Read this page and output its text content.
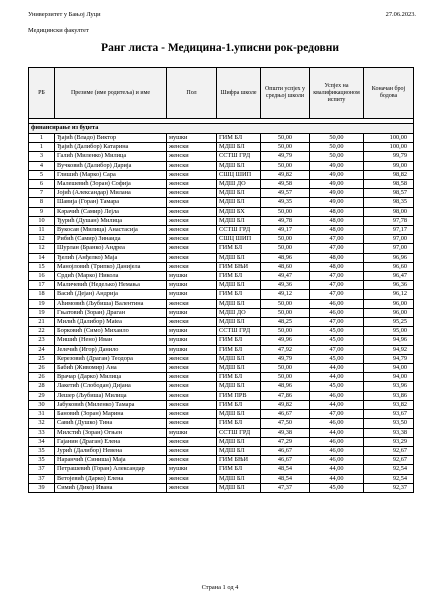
Универзитет у Бањој Луци	27.06.2023.
Медицински факултет
Ранг листа - Медицина-1.уписни рок-редовни
РБ	Презиме (име родитеља) и име	Пол	Шифра школе	Општи успјех у средњој школи	Успјех на квалификационом испиту	Коначан број бодова

финансирање из буџета						
1	Ђајић (Владо) Виктор	мушки	ГИМ БЛ	50,00	50,00	100,00
1	Ђајић (Далибор) Катарина	женски	МДШ БЛ	50,00	50,00	100,00
3	Галић (Миленко) Милица	женски	ССТШ ГРД	49,79	50,00	99,79
4	Вучковић (Далибор) Дарија	женски	МДШ БЛ	50,00	49,00	99,00
5	Глишић (Марко) Сара	женски	СШЦ ШИП	49,82	49,00	98,82
6	Малешевић (Зоран) Софија	женски	МДШ ДО	49,58	49,00	98,58
7	Јојић (Александар) Милана	женски	МДШ БЛ	49,57	49,00	98,57
8	Шавија (Горан) Тамара	женски	МДШ БЛ	49,35	49,00	98,35
9	Кәрачић (Самир) Лејла	женски	МДШ БХ	50,00	48,00	98,00
10	Ђурић (Душан) Милица	женски	МДШ БЛ	49,78	48,00	97,78
11	Вукосав (Милица) Анастасија	женски	ССТШ ГРД	49,17	48,00	97,17
12	Рибић (Самир) Зинаида	женски	СШЦ ШИП	50,00	47,00	97,00
12	Шурлан (Бранко) Андреа	женски	ГИМ БЛ	50,00	47,00	97,00
14	Ђелић (Анђелко) Маја	женски	МДШ БЛ	48,96	48,00	96,96
15	Манојловић (Трипко) Данијела	женски	ГИМ БЊИ	48,60	48,00	96,60
16	Срдић (Марко) Никола	мушки	ГИМ БЛ	49,47	47,00	96,47
17	Маличевић (Недељко) Немања	мушки	МДШ БЛ	49,36	47,00	96,36
18	Васић (Дејан) Андрија	мушки	ГИМ БЛ	49,12	47,00	96,12
19	Аћимовић (Љубиша) Валентина	женски	МДШ БЛ	50,00	46,00	96,00
19	Гњатовић (Зоран) Драган	мушки	МДШ ДО	50,00	46,00	96,00
21	Милић (Далибор) Мatea	женски	МДШ БЛ	48,25	47,00	95,25
22	Борковић (Симо) Михаило	мушки	ССТШ ГРД	50,00	45,00	95,00
23	Мишић (Нено) Иван	мушки	ГИМ БЛ	49,96	45,00	94,96
24	Јелечић (Игор) Данило	мушки	ГИМ БЛ	47,92	47,00	94,92
25	Керезовић (Драган) Теодора	женски	МДШ БЛ	49,79	45,00	94,79
26	Бабић (Живомир) Ана	женски	МДШ БЛ	50,00	44,00	94,00
26	Врачар (Дарко) Милица	женски	ГИМ БЛ	50,00	44,00	94,00
28	Лакетић (Слободан) Дијана	женски	МДШ БЛ	48,96	45,00	93,96
29	Лешер (Љубиша) Милица	женски	ГИМ ПРВ	47,86	46,00	93,86
30	Јабуковић (Миленко) Тамара	женски	ГИМ БЛ	49,82	44,00	93,82
31	Бановић (Зоран) Марина	женски	МДШ БЛ	46,67	47,00	93,67
32	Савић (Душко) Тина	женски	ГИМ БЛ	47,50	46,00	93,50
33	Милстић (Зоран) Огњен	мушки	ССТШ ГРД	49,38	44,00	93,38
34	Гајанин (Драган) Елена	женски	МДШ БЛ	47,29	46,00	93,29
35	Јурић (Далибор) Невена	женски	МДШ БЛ	46,67	46,00	92,67
35	Наранчић (Синиша) Маја	женски	ГИМ БЊИ	46,67	46,00	92,67
37	Петрашевић (Горан) Александар	мушки	ГИМ БЛ	48,54	44,00	92,54
37	Ветојевић (Дарко) Елена	женски	МДШ БЛ	48,54	44,00	92,54
39	Симић (Дико) Ивана	женски	МДШ БЛ	47,37	45,00	92,37
Страна 1 од 4
